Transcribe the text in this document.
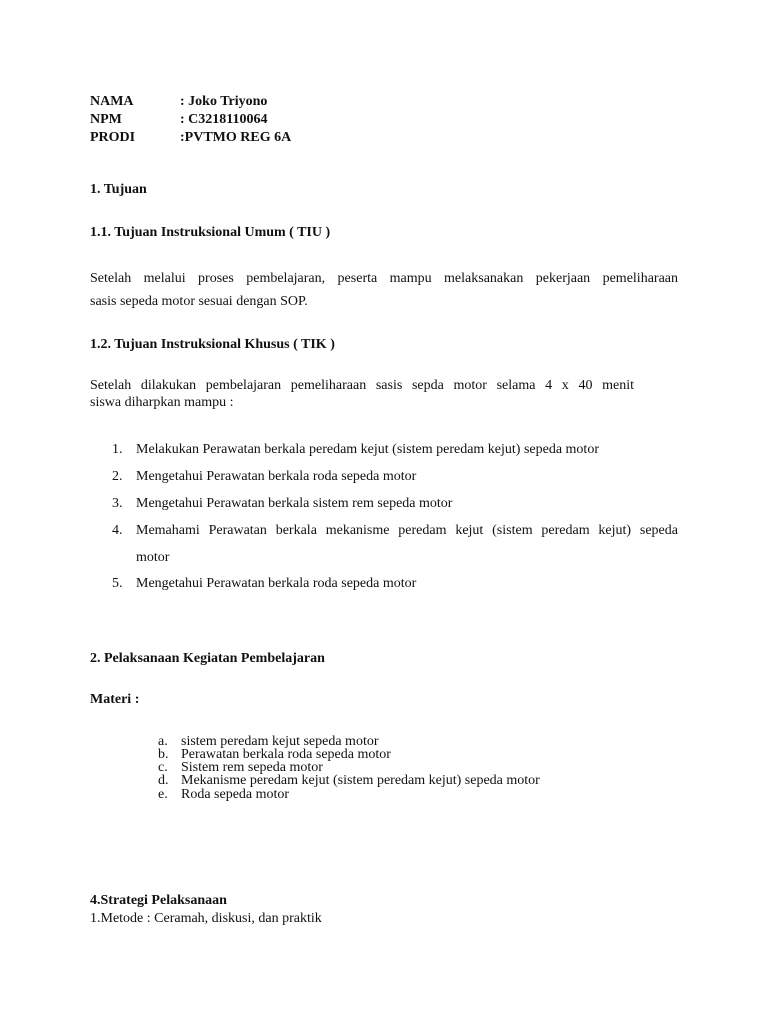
NAMA	: Joko Triyono
NPM	: C3218110064
PRODI	:PVTMO REG 6A
1. Tujuan
1.1. Tujuan Instruksional Umum ( TIU )
Setelah melalui proses pembelajaran, peserta mampu melaksanakan pekerjaan pemeliharaan
sasis sepeda motor sesuai dengan SOP.
1.2. Tujuan Instruksional Khusus ( TIK )
Setelah dilakukan pembelajaran pemeliharaan sasis sepda motor selama 4 x 40 menit
siswa diharpkan mampu :
1. Melakukan Perawatan berkala peredam kejut (sistem peredam kejut) sepeda motor
2. Mengetahui Perawatan berkala roda sepeda motor
3. Mengetahui Perawatan berkala sistem rem sepeda motor
4. Memahami Perawatan berkala mekanisme peredam kejut (sistem peredam kejut) sepeda
motor
5. Mengetahui Perawatan berkala roda sepeda motor
2. Pelaksanaan Kegiatan Pembelajaran
Materi :
a. sistem peredam kejut sepeda motor
b. Perawatan berkala roda sepeda motor
c. Sistem rem sepeda motor
d. Mekanisme peredam kejut (sistem peredam kejut) sepeda motor
e. Roda sepeda motor
4.Strategi Pelaksanaan
1.Metode : Ceramah, diskusi, dan praktik
